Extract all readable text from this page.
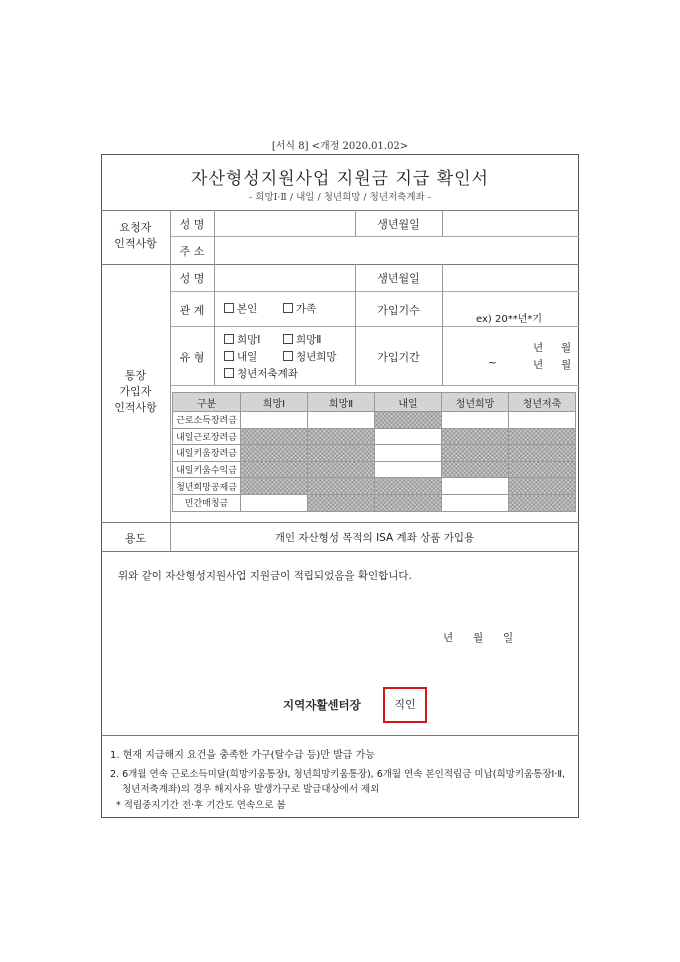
[서식 8] <개정 2020.01.02>
자산형성지원사업 지원금 지급 확인서
- 희망Ⅰ·Ⅱ / 내일 / 청년희망 / 청년저축계좌 -
요청자
인적사항
성 명	생년월일
주 소
통장
가입자
인적사항
성 명	생년월일
관 계	본인	가족	가입기수
ex) 20**년*기
유 형
희망Ⅰ	희망Ⅱ
내일	청년희망
청년저축계좌
가입기간
년 월
~	년 월
구분	희망Ⅰ	희망Ⅱ	내일	청년희망	청년저축
근로소득장려금					
내일근로장려금					
내일키움장려금					
내일키움수익금					
청년희망공제금					
민간매칭금					
용도	개인 자산형성 목적의 ISA 계좌 상품 가입용
위와 같이 자산형성지원사업 지원금이 적립되었음을 확인합니다.
년 월 일
지역자활센터장	직인
1. 현재 지급해지 요건을 충족한 가구(탈수급 등)만 발급 가능
2. 6개월 연속 근로소득미달(희망키움통장Ⅰ, 청년희망키움통장), 6개월 연속 본인적립금 미납(희망키움통장Ⅰ·Ⅱ,
청년저축계좌)의 경우 해지사유 발생가구로 발급대상에서 제외
* 적립중지기간 전·후 기간도 연속으로 봄
